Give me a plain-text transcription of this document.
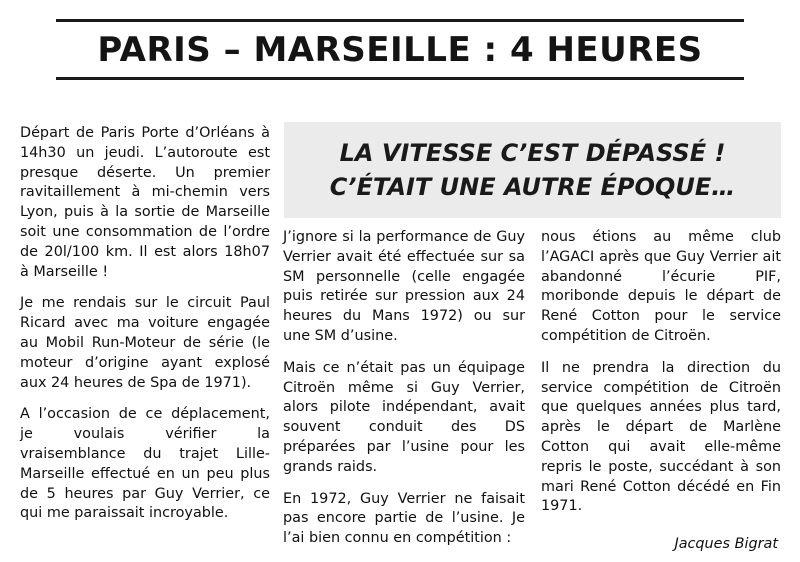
PARIS – MARSEILLE : 4 HEURES

Départ de Paris Porte d’Orléans à 14h30 un jeudi. L’autoroute est presque déserte. Un premier ravitaillement à mi-chemin vers Lyon, puis à la sortie de Marseille soit une consommation de l’ordre de 20l/100 km. Il est alors 18h07 à Marseille !

Je me rendais sur le circuit Paul Ricard avec ma voiture engagée au Mobil Run-Moteur de série (le moteur d’origine ayant explosé aux 24 heures de Spa de 1971).

A l’occasion de ce déplacement, je voulais vérifier la vraisemblance du trajet Lille-Marseille effectué en un peu plus de 5 heures par Guy Verrier, ce qui me paraissait incroyable.

LA VITESSE C’EST DÉPASSÉ !
C’ÉTAIT UNE AUTRE ÉPOQUE…

J’ignore si la performance de Guy Verrier avait été effectuée sur sa SM personnelle (celle engagée puis retirée sur pression aux 24 heures du Mans 1972) ou sur une SM d’usine.

Mais ce n’était pas un équipage Citroën même si Guy Verrier, alors pilote indépendant, avait souvent conduit des DS préparées par l’usine pour les grands raids.

En 1972, Guy Verrier ne faisait pas encore partie de l’usine. Je l’ai bien connu en compétition :

nous étions au même club l’AGACI après que Guy Verrier ait abandonné l’écurie PIF, moribonde depuis le départ de René Cotton pour le service compétition de Citroën.

Il ne prendra la direction du service compétition de Citroën que quelques années plus tard, après le départ de Marlène Cotton qui avait elle-même repris le poste, succédant à son mari René Cotton décédé en Fin 1971.

Jacques Bigrat
